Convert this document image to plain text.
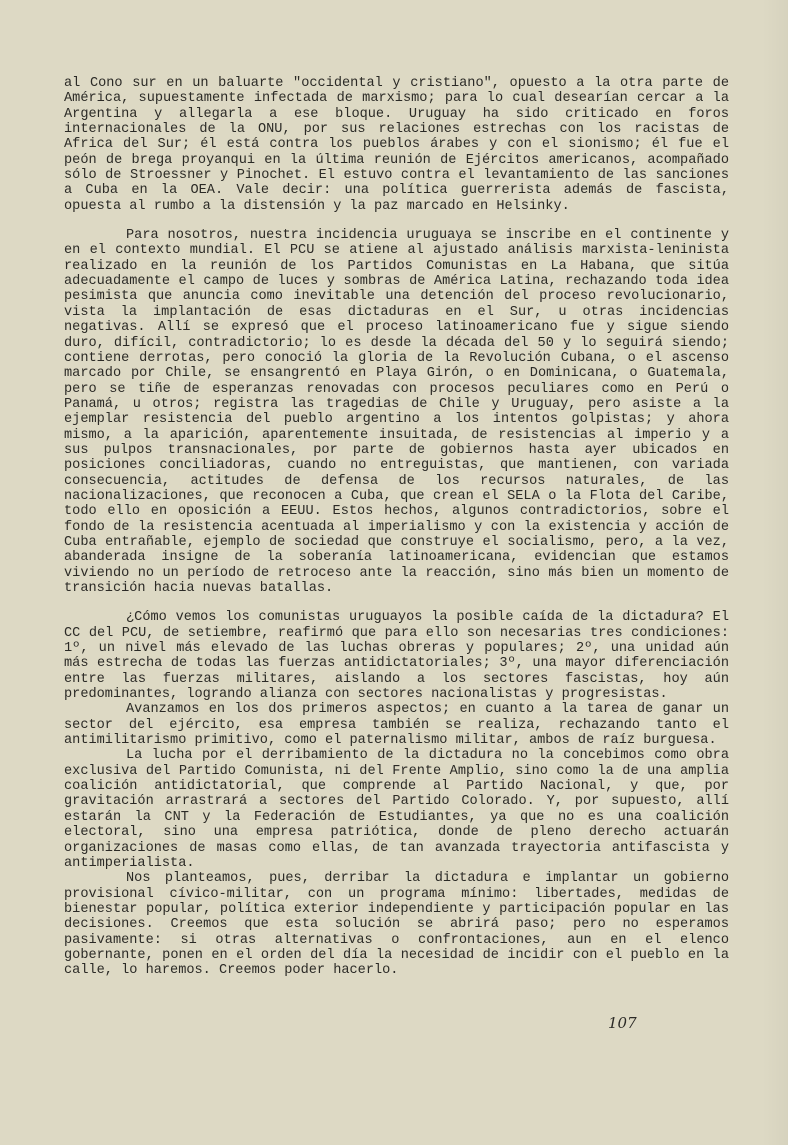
al Cono sur en un baluarte "occidental y cristiano", opuesto a la otra parte de América, supuestamente infectada de marxismo; para lo cual desearían cercar a la Argentina y allegarla a ese bloque. Uruguay ha sido criticado en foros internacionales de la ONU, por sus relaciones estrechas con los racistas de Africa del Sur; él está contra los pueblos árabes y con el sionismo; él fue el peón de brega proyanqui en la última reunión de Ejércitos americanos, acompañado sólo de Stroessner y Pinochet. El estuvo contra el levantamiento de las sanciones a Cuba en la OEA. Vale decir: una política guerrerista además de fascista, opuesta al rumbo a la distensión y la paz marcado en Helsinky.

Para nosotros, nuestra incidencia uruguaya se inscribe en el continente y en el contexto mundial. El PCU se atiene al ajustado análisis marxista-leninista realizado en la reunión de los Partidos Comunistas en La Habana, que sitúa adecuadamente el campo de luces y sombras de América Latina, rechazando toda idea pesimista que anuncia como inevitable una detención del proceso revolucionario, vista la implantación de esas dictaduras en el Sur, u otras incidencias negativas. Allí se expresó que el proceso latinoamericano fue y sigue siendo duro, difícil, contradictorio; lo es desde la década del 50 y lo seguirá siendo; contiene derrotas, pero conoció la gloria de la Revolución Cubana, o el ascenso marcado por Chile, se ensangrentó en Playa Girón, o en Dominicana, o Guatemala, pero se tiñe de esperanzas renovadas con procesos peculiares como en Perú o Panamá, u otros; registra las tragedias de Chile y Uruguay, pero asiste a la ejemplar resistencia del pueblo argentino a los intentos golpistas; y ahora mismo, a la aparición, aparentemente insuitada, de resistencias al imperio y a sus pulpos transnacionales, por parte de gobiernos hasta ayer ubicados en posiciones conciliadoras, cuando no entreguistas, que mantienen, con variada consecuencia, actitudes de defensa de los recursos naturales, de las nacionalizaciones, que reconocen a Cuba, que crean el SELA o la Flota del Caribe, todo ello en oposición a EEUU. Estos hechos, algunos contradictorios, sobre el fondo de la resistencia acentuada al imperialismo y con la existencia y acción de Cuba entrañable, ejemplo de sociedad que construye el socialismo, pero, a la vez, abanderada insigne de la soberanía latinoamericana, evidencian que estamos viviendo no un período de retroceso ante la reacción, sino más bien un momento de transición hacia nuevas batallas.

¿Cómo vemos los comunistas uruguayos la posible caída de la dictadura? El CC del PCU, de setiembre, reafirmó que para ello son necesarias tres condiciones: 1º, un nivel más elevado de las luchas obreras y populares; 2º, una unidad aún más estrecha de todas las fuerzas antidictatoriales; 3º, una mayor diferenciación entre las fuerzas militares, aislando a los sectores fascistas, hoy aún predominantes, logrando alianza con sectores nacionalistas y progresistas.

Avanzamos en los dos primeros aspectos; en cuanto a la tarea de ganar un sector del ejército, esa empresa también se realiza, rechazando tanto el antimilitarismo primitivo, como el paternalismo militar, ambos de raíz burguesa.

La lucha por el derribamiento de la dictadura no la concebimos como obra exclusiva del Partido Comunista, ni del Frente Amplio, sino como la de una amplia coalición antidictatorial, que comprende al Partido Nacional, y que, por gravitación arrastrará a sectores del Partido Colorado. Y, por supuesto, allí estarán la CNT y la Federación de Estudiantes, ya que no es una coalición electoral, sino una empresa patriótica, donde de pleno derecho actuarán organizaciones de masas como ellas, de tan avanzada trayectoria antifascista y antimperialista.

Nos planteamos, pues, derribar la dictadura e implantar un gobierno provisional cívico-militar, con un programa mínimo: libertades, medidas de bienestar popular, política exterior independiente y participación popular en las decisiones. Creemos que esta solución se abrirá paso; pero no esperamos pasivamente: si otras alternativas o confrontaciones, aun en el elenco gobernante, ponen en el orden del día la necesidad de incidir con el pueblo en la calle, lo haremos. Creemos poder hacerlo.

107
